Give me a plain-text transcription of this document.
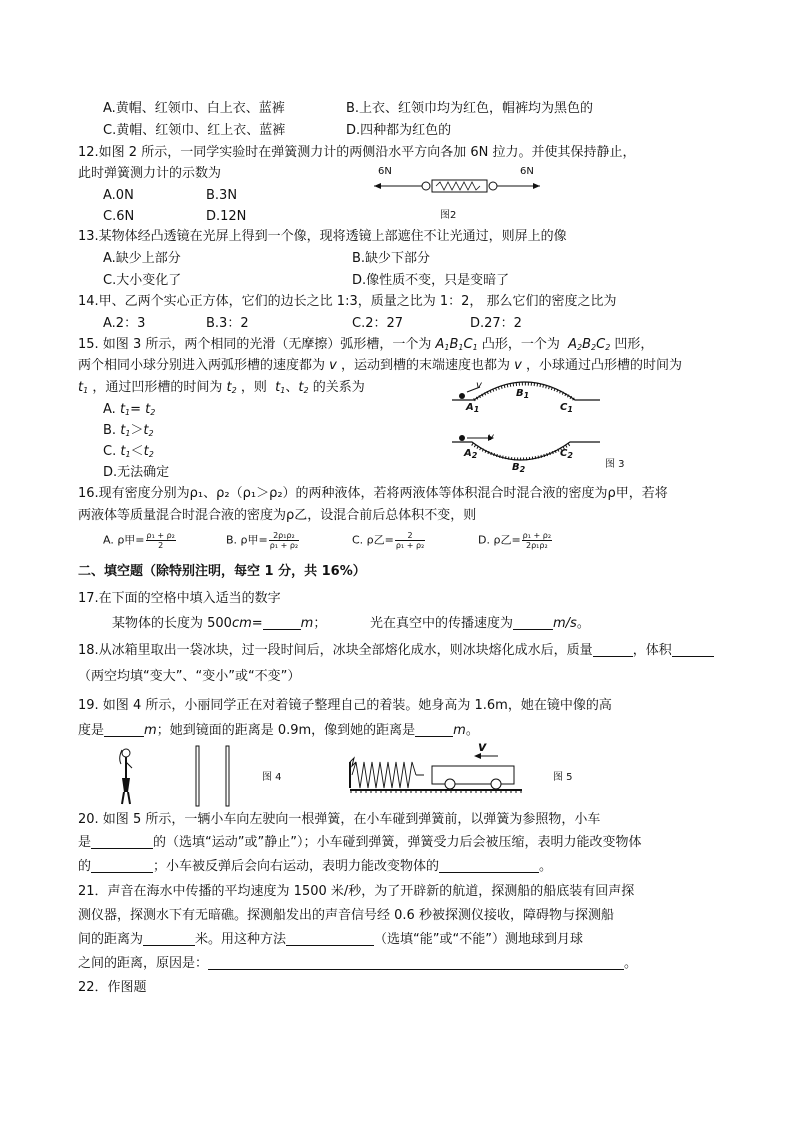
A.黄帽、红领巾、白上衣、蓝裤	B.上衣、红领巾均为红色，帽裤均为黑色的
C.黄帽、红领巾、红上衣、蓝裤	D.四种都为红色的
12.如图 2 所示，一同学实验时在弹簧测力计的两侧沿水平方向各加 6N 拉力。并使其保持静止，
此时弹簧测力计的示数为
A.0N	B.3N
C.6N	D.12N
6N	6N
图2
13.某物体经凸透镜在光屏上得到一个像，现将透镜上部遮住不让光通过，则屏上的像
A.缺少上部分	B.缺少下部分
C.大小变化了	D.像性质不变，只是变暗了
14.甲、乙两个实心正方体，它们的边长之比 1:3，质量之比为 1：2， 那么它们的密度之比为
A.2：3	B.3：2	C.2：27	D.27：2
15. 如图 3 所示，两个相同的光滑（无摩擦）弧形槽，一个为 $A_1B_1C_1$ 凸形，一个为  $A_2B_2C_2$ 凹形，
两个相同小球分别进入两弧形槽的速度都为 v ，运动到槽的末端速度也都为 v ，小球通过凸形槽的时间为
$t_1$ ，通过凹形槽的时间为 $t_2$ ，则 $t_1$、$t_2$ 的关系为
A. $t_1= t_2$
B. $t_1>t_2$
C. $t_1<t_2$
D.无法确定
v
$A_1$
$B_1$
$C_1$
v
$A_2$
$B_2$
$C_2$
图 3
16.现有密度分别为ρ₁、ρ₂（ρ₁＞ρ₂）的两种液体，若将两液体等体积混合时混合液的密度为ρ甲，若将
两液体等质量混合时混合液的密度为ρ乙，设混合前后总体积不变，则
A. ρ甲= $\frac{\text{ρ₁ + ρ₂}}{2}$	B. ρ甲= $\frac{\text{2ρ₁ρ₂}}{\text{ρ₁ + ρ₂}}$	C. ρ乙= $\frac{2}{\text{ρ₁ + ρ₂}}$	D. ρ乙= $\frac{\text{ρ₁ + ρ₂}}{\text{2ρ₁ρ₂}}$
二、填空题（除特别注明，每空 1 分，共 16%）
17.在下面的空格中填入适当的数字
某物体的长度为 500cm=	m；	光在真空中的传播速度为	m/s。
18.从冰箱里取出一袋冰块，过一段时间后，冰块全部熔化成水，则冰块熔化成水后，质量	，体积
（两空均填“变大”、“变小”或“不变”）
19. 如图 4 所示，小丽同学正在对着镜子整理自己的着装。她身高为 1.6m，她在镜中像的高
度是	m；她到镜面的距离是 0.9m，像到她的距离是	m。
图 4
v
图 5
20. 如图 5 所示，一辆小车向左驶向一根弹簧，在小车碰到弹簧前，以弹簧为参照物，小车
是	的（选填“运动”或”静止”）；小车碰到弹簧，弹簧受力后会被压缩，表明力能改变物体
的	；小车被反弹后会向右运动，表明力能改变物体的	。
21．声音在海水中传播的平均速度为 1500 米/秒，为了开辟新的航道，探测船的船底装有回声探
测仪器，探测水下有无暗礁。探测船发出的声音信号经 0.6 秒被探测仪接收，障碍物与探测船
间的距离为	米。用这种方法	（选填“能”或“不能”）测地球到月球
之间的距离，原因是：	。
22．作图题
